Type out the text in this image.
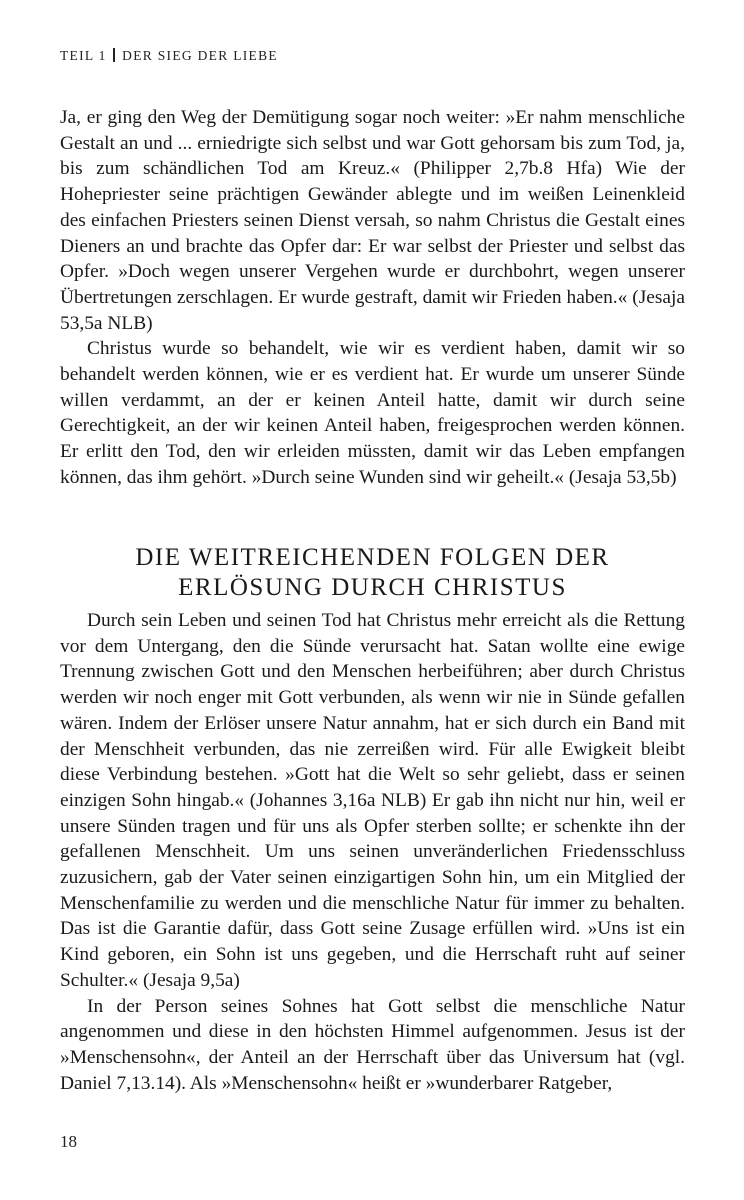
TEIL 1 DER SIEG DER LIEBE

Ja, er ging den Weg der Demütigung sogar noch weiter: »Er nahm menschliche Gestalt an und ... erniedrigte sich selbst und war Gott gehorsam bis zum Tod, ja, bis zum schändlichen Tod am Kreuz.« (Philipper 2,7b.8 Hfa) Wie der Hohepriester seine prächtigen Gewänder ablegte und im weißen Leinenkleid des einfachen Priesters seinen Dienst versah, so nahm Christus die Gestalt eines Dieners an und brachte das Opfer dar: Er war selbst der Priester und selbst das Opfer. »Doch wegen unserer Vergehen wurde er durchbohrt, wegen unserer Übertretungen zerschlagen. Er wurde gestraft, damit wir Frieden haben.« (Jesaja 53,5a NLB)

Christus wurde so behandelt, wie wir es verdient haben, damit wir so behandelt werden können, wie er es verdient hat. Er wurde um unserer Sünde willen verdammt, an der er keinen Anteil hatte, damit wir durch seine Gerechtigkeit, an der wir keinen Anteil haben, freigesprochen werden können. Er erlitt den Tod, den wir erleiden müssten, damit wir das Leben empfangen können, das ihm gehört. »Durch seine Wunden sind wir geheilt.« (Jesaja 53,5b)

DIE WEITREICHENDEN FOLGEN DER
ERLÖSUNG DURCH CHRISTUS

Durch sein Leben und seinen Tod hat Christus mehr erreicht als die Rettung vor dem Untergang, den die Sünde verursacht hat. Satan wollte eine ewige Trennung zwischen Gott und den Menschen herbeiführen; aber durch Christus werden wir noch enger mit Gott verbunden, als wenn wir nie in Sünde gefallen wären. Indem der Erlöser unsere Natur annahm, hat er sich durch ein Band mit der Menschheit verbunden, das nie zerreißen wird. Für alle Ewigkeit bleibt diese Verbindung bestehen. »Gott hat die Welt so sehr geliebt, dass er seinen einzigen Sohn hingab.« (Johannes 3,16a NLB) Er gab ihn nicht nur hin, weil er unsere Sünden tragen und für uns als Opfer sterben sollte; er schenkte ihn der gefallenen Menschheit. Um uns seinen unveränderlichen Friedensschluss zuzusichern, gab der Vater seinen einzigartigen Sohn hin, um ein Mitglied der Menschenfamilie zu werden und die menschliche Natur für immer zu behalten. Das ist die Garantie dafür, dass Gott seine Zusage erfüllen wird. »Uns ist ein Kind geboren, ein Sohn ist uns gegeben, und die Herrschaft ruht auf seiner Schulter.« (Jesaja 9,5a)

In der Person seines Sohnes hat Gott selbst die menschliche Natur angenommen und diese in den höchsten Himmel aufgenommen. Jesus ist der »Menschensohn«, der Anteil an der Herrschaft über das Universum hat (vgl. Daniel 7,13.14). Als »Menschensohn« heißt er »wunderbarer Ratgeber,

18
